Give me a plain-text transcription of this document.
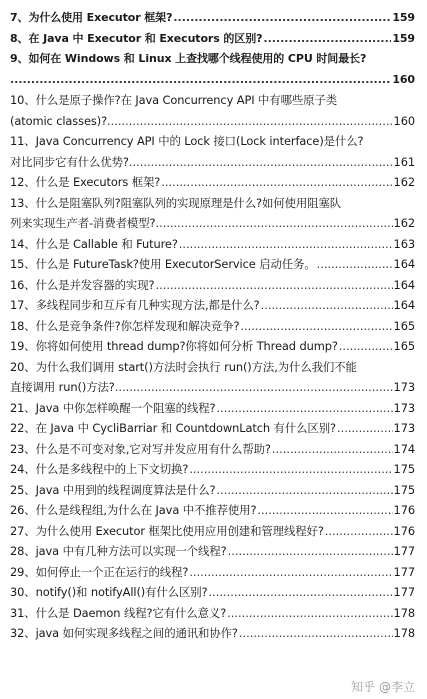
7、为什么使用 Executor 框架? .....	159
8、在 Java 中 Executor 和 Executors 的区别? .....	159
9、如何在 Windows 和 Linux 上查找哪个线程使用的 CPU 时间最长?
.....
160
10、什么是原子操作?在 Java Concurrency API 中有哪些原子类
(atomic classes)? .....	160
11、Java Concurrency API 中的 Lock 接口(Lock interface)是什么?
对比同步它有什么优势? .....	161
12、什么是 Executors 框架? .....	162
13、什么是阻塞队列?阻塞队列的实现原理是什么?如何使用阻塞队
列来实现生产者-消费者模型? .....	162
14、什么是 Callable 和 Future? .....	163
15、什么是 FutureTask?使用 ExecutorService 启动任务。 .....	164
16、什么是并发容器的实现? .....	164
17、多线程同步和互斥有几种实现方法,都是什么? .....	164
18、什么是竞争条件?你怎样发现和解决竞争? .....	165
19、你将如何使用 thread dump?你将如何分析 Thread dump? .....	165
20、为什么我们调用 start()方法时会执行 run()方法,为什么我们不能
直接调用 run()方法? .....	173
21、Java 中你怎样唤醒一个阻塞的线程? .....	173
22、在 Java 中 CycliBarriar 和 CountdownLatch 有什么区别? .....	173
23、什么是不可变对象,它对写并发应用有什么帮助? .....	174
24、什么是多线程中的上下文切换? .....	175
25、Java 中用到的线程调度算法是什么? .....	175
26、什么是线程组,为什么在 Java 中不推荐使用? .....	176
27、为什么使用 Executor 框架比使用应用创建和管理线程好? .....	176
28、java 中有几种方法可以实现一个线程? .....	177
29、如何停止一个正在运行的线程? .....	177
30、notify()和 notifyAll()有什么区别? .....	177
31、什么是 Daemon 线程?它有什么意义? .....	178
32、java 如何实现多线程之间的通讯和协作? .....	178
知乎 @李立
